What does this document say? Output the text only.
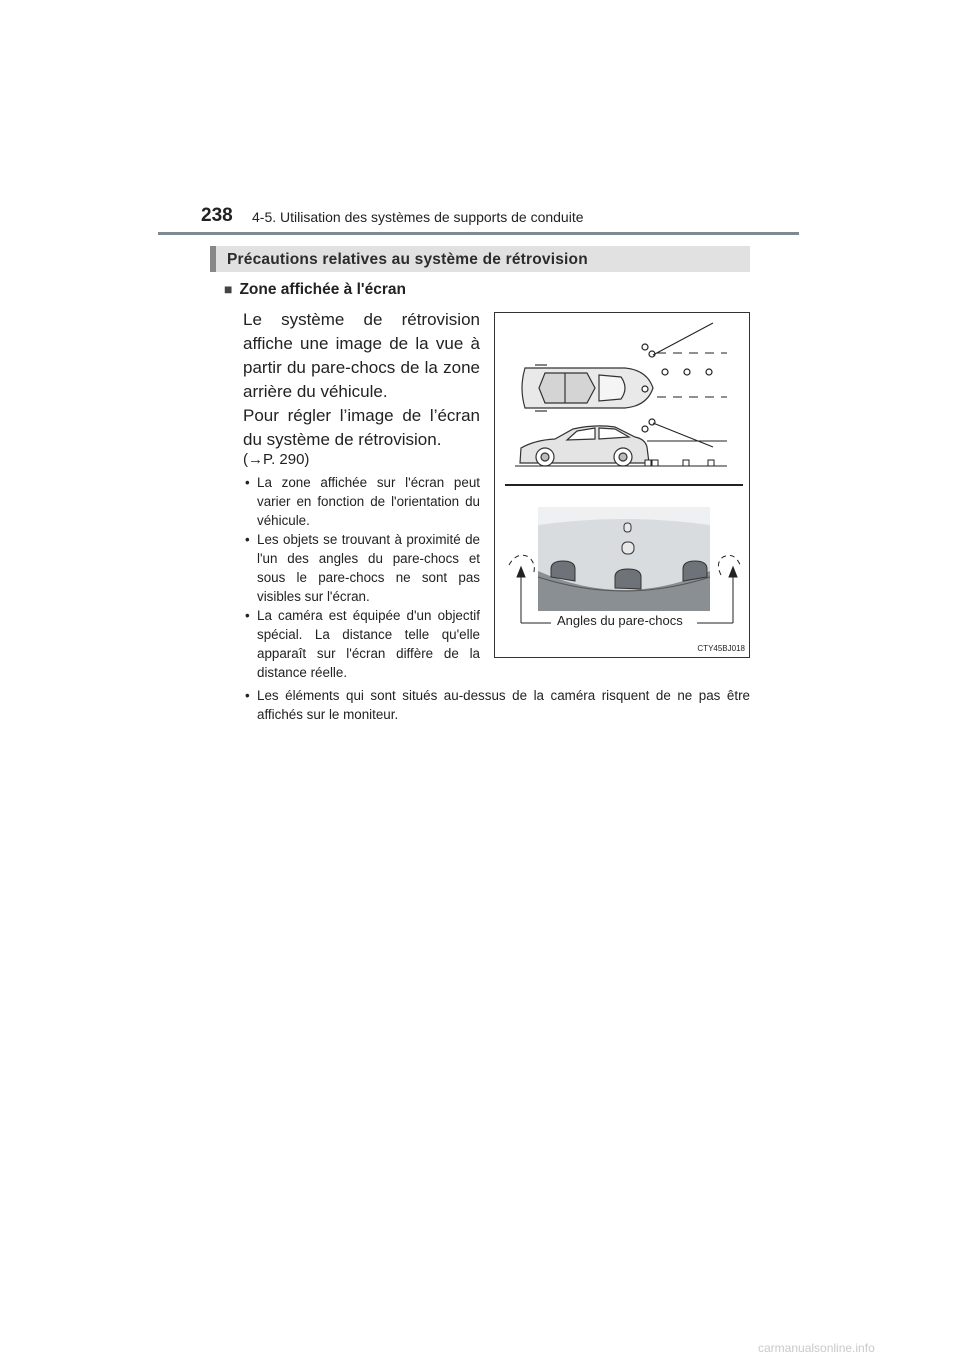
238 4-5. Utilisation des systèmes de supports de conduite
Précautions relatives au système de rétrovision
■ Zone affichée à l'écran
Le système de rétrovision affiche une image de la vue à partir du pare-chocs de la zone arrière du véhicule.
Pour régler l’image de l’écran du système de rétrovision.
(→P. 290)
• La zone affichée sur l'écran peut varier en fonction de l'orientation du véhicule.
• Les objets se trouvant à proximité de l'un des angles du pare-chocs et sous le pare-chocs ne sont pas visibles sur l'écran.
• La caméra est équipée d'un objectif spécial. La distance telle qu'elle apparaît sur l'écran diffère de la distance réelle.
• Les éléments qui sont situés au-dessus de la caméra risquent de ne pas être affichés sur le moniteur.
Angles du pare-chocs
CTY45BJ018
carmanualsonline.info
